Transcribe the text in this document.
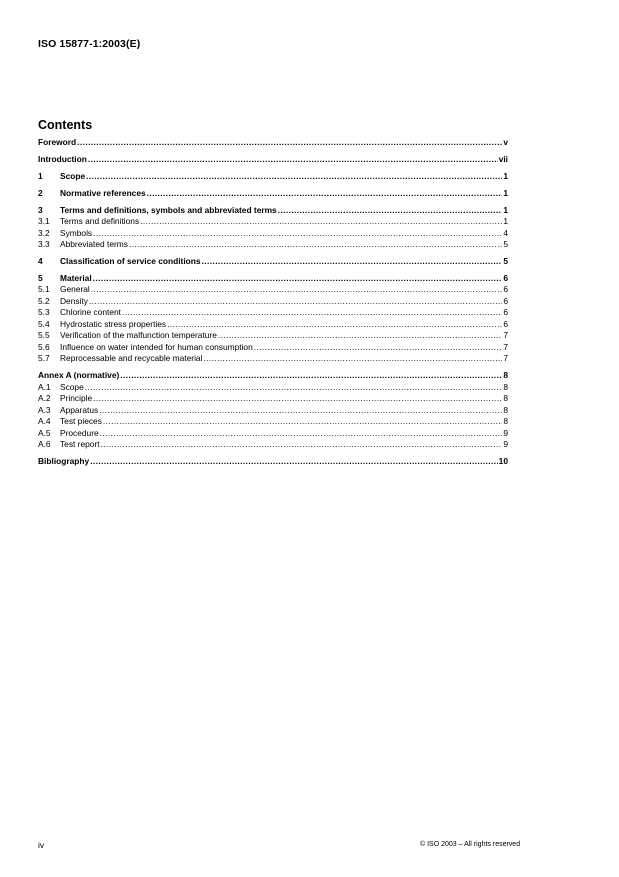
ISO 15877-1:2003(E)
Contents
Foreword .....	v
Introduction .....	vii
1	Scope .....	1
2	Normative references .....	1
3	Terms and definitions, symbols and abbreviated terms .....	1
3.1	Terms and definitions .....	1
3.2	Symbols .....	4
3.3	Abbreviated terms .....	5
4	Classification of service conditions .....	5
5	Material .....	6
5.1	General .....	6
5.2	Density .....	6
5.3	Chlorine content .....	6
5.4	Hydrostatic stress properties .....	6
5.5	Verification of the malfunction temperature .....	7
5.6	Influence on water intended for human consumption .....	7
5.7	Reprocessable and recycable material .....	7
Annex A (normative) .....	8
A.1	Scope .....	8
A.2	Principle .....	8
A.3	Apparatus .....	8
A.4	Test pieces .....	8
A.5	Procedure .....	9
A.6	Test report .....	9
Bibliography .....	10
iv	© ISO 2003 – All rights reserved
